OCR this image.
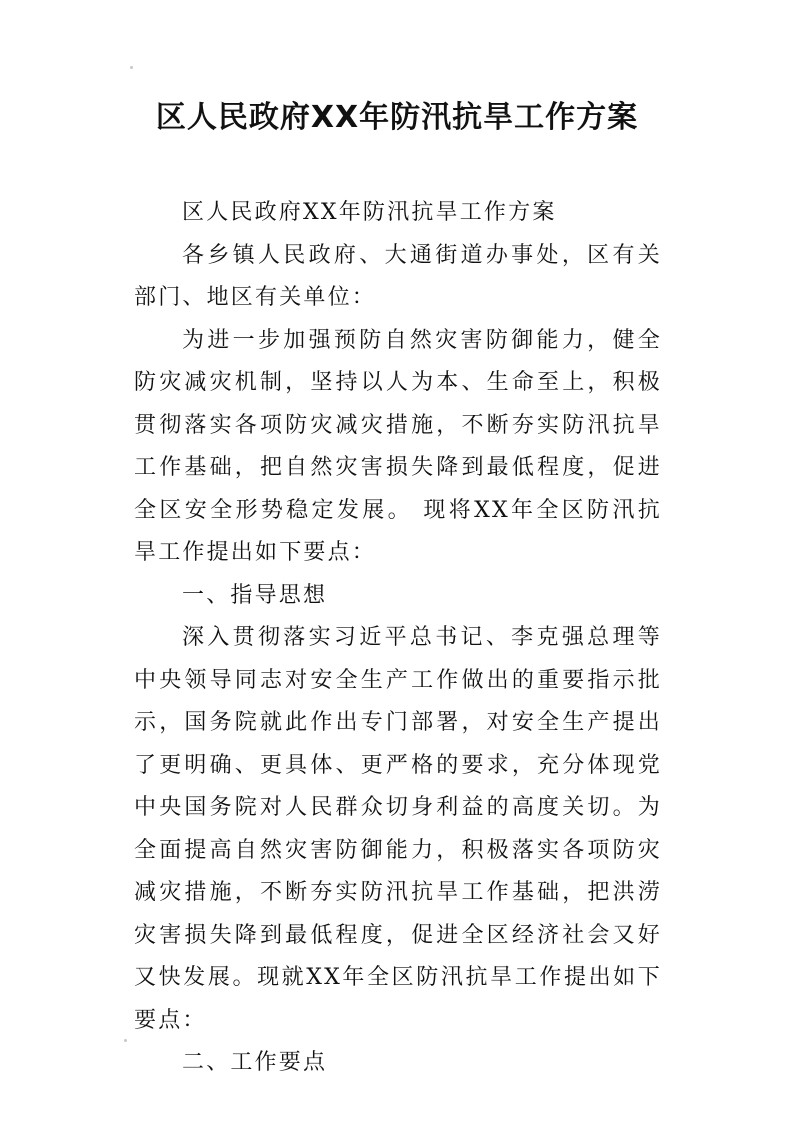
区人民政府XX年防汛抗旱工作方案

区人民政府XX年防汛抗旱工作方案

各乡镇人民政府、大通街道办事处，区有关部门、地区有关单位：

为进一步加强预防自然灾害防御能力，健全防灾减灾机制，坚持以人为本、生命至上，积极贯彻落实各项防灾减灾措施，不断夯实防汛抗旱工作基础，把自然灾害损失降到最低程度，促进全区安全形势稳定发展。 现将XX年全区防汛抗旱工作提出如下要点：

一、指导思想

深入贯彻落实习近平总书记、李克强总理等中央领导同志对安全生产工作做出的重要指示批示，国务院就此作出专门部署，对安全生产提出了更明确、更具体、更严格的要求，充分体现党中央国务院对人民群众切身利益的高度关切。为全面提高自然灾害防御能力，积极落实各项防灾减灾措施，不断夯实防汛抗旱工作基础，把洪涝灾害损失降到最低程度，促进全区经济社会又好又快发展。现就XX年全区防汛抗旱工作提出如下要点：

二、工作要点
